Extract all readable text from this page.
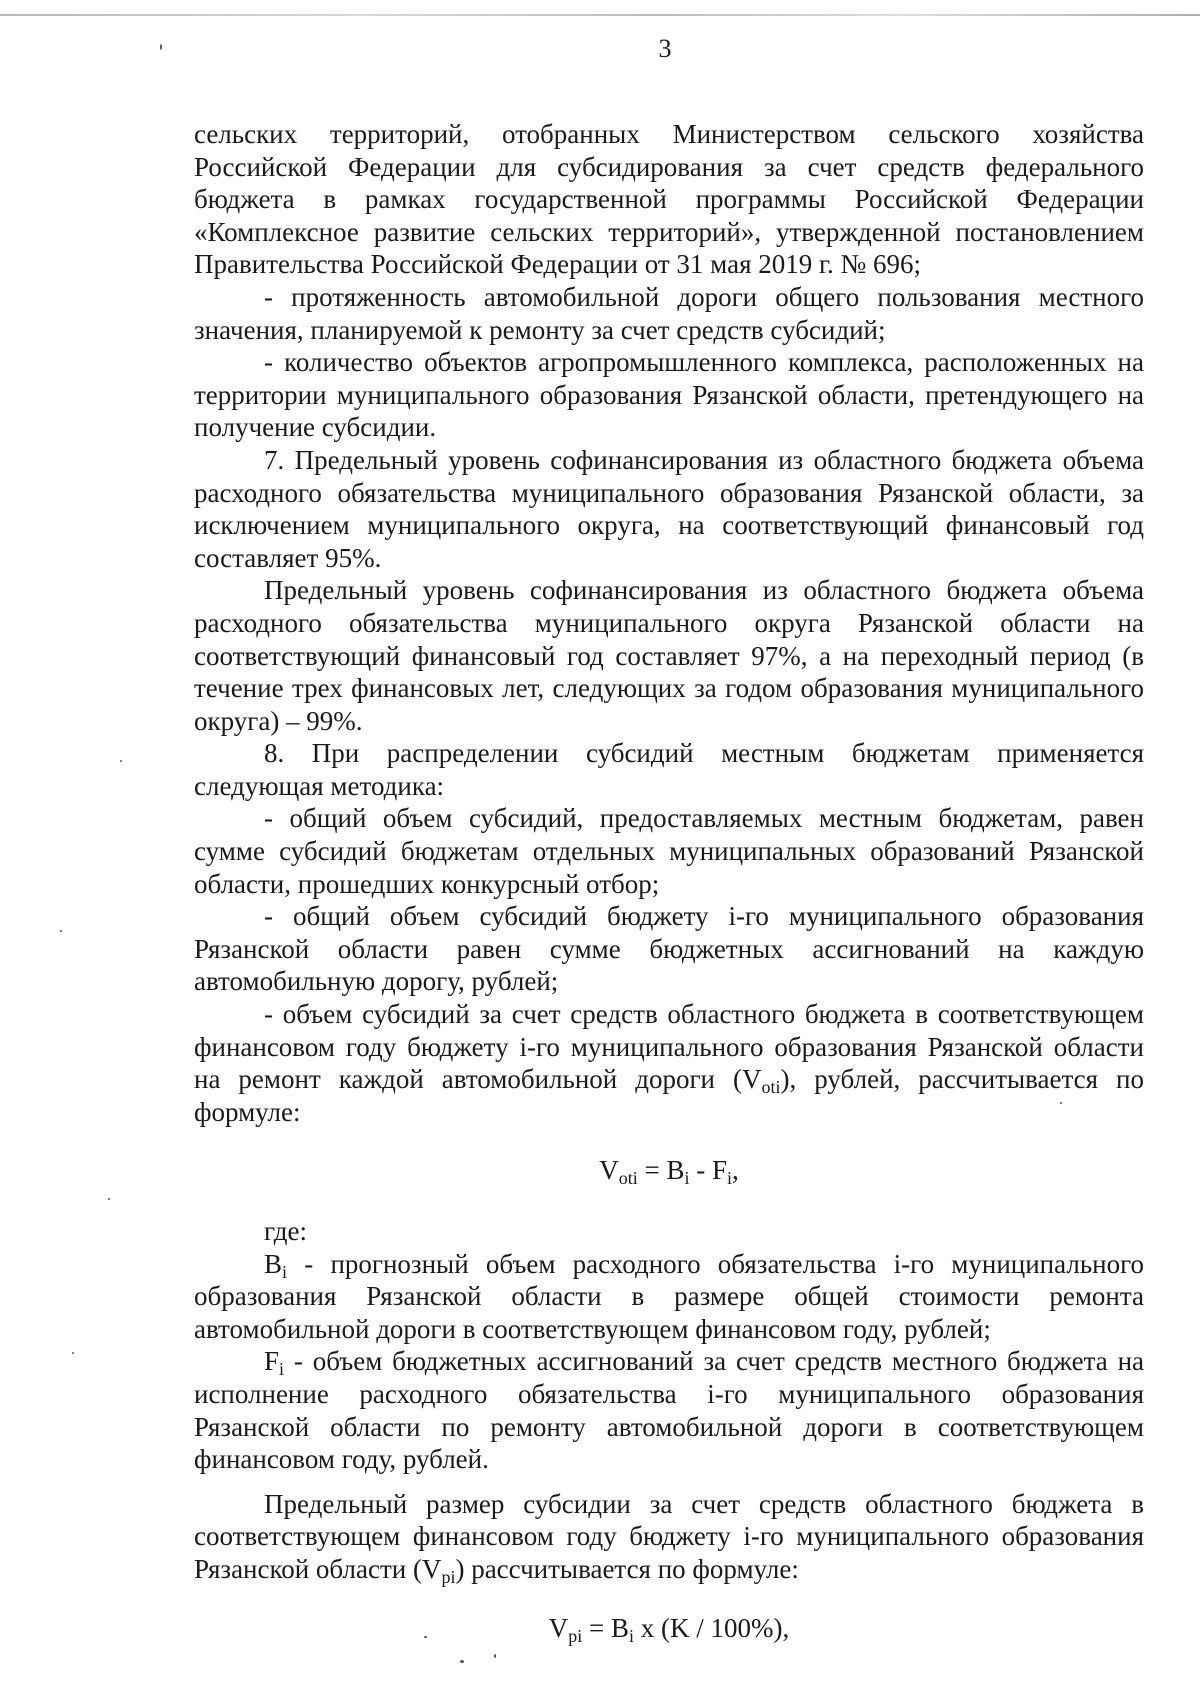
3

сельских территорий, отобранных Министерством сельского хозяйства Российской Федерации для субсидирования за счет средств федерального бюджета в рамках государственной программы Российской Федерации «Комплексное развитие сельских территорий», утвержденной постановлением Правительства Российской Федерации от 31 мая 2019 г. № 696;

- протяженность автомобильной дороги общего пользования местного значения, планируемой к ремонту за счет средств субсидий;

- количество объектов агропромышленного комплекса, расположенных на территории муниципального образования Рязанской области, претендующего на получение субсидии.

7. Предельный уровень софинансирования из областного бюджета объема расходного обязательства муниципального образования Рязанской области, за исключением муниципального округа, на соответствующий финансовый год составляет 95%.

Предельный уровень софинансирования из областного бюджета объема расходного обязательства муниципального округа Рязанской области на соответствующий финансовый год составляет 97%, а на переходный период (в течение трех финансовых лет, следующих за годом образования муниципального округа) – 99%.

8. При распределении субсидий местным бюджетам применяется следующая методика:

- общий объем субсидий, предоставляемых местным бюджетам, равен сумме субсидий бюджетам отдельных муниципальных образований Рязанской области, прошедших конкурсный отбор;

- общий объем субсидий бюджету i-го муниципального образования Рязанской области равен сумме бюджетных ассигнований на каждую автомобильную дорогу, рублей;

- объем субсидий за счет средств областного бюджета в соответствующем финансовом году бюджету i-го муниципального образования Рязанской области на ремонт каждой автомобильной дороги $(V_{oti})$, рублей, рассчитывается по формуле:

$V_{oti} = B_i - F_i$,

где:

$B_i$ - прогнозный объем расходного обязательства i-го муниципального образования Рязанской области в размере общей стоимости ремонта автомобильной дороги в соответствующем финансовом году, рублей;

$F_i$ - объем бюджетных ассигнований за счет средств местного бюджета на исполнение расходного обязательства i-го муниципального образования Рязанской области по ремонту автомобильной дороги в соответствующем финансовом году, рублей.

Предельный размер субсидии за счет средств областного бюджета в соответствующем финансовом году бюджету i-го муниципального образования Рязанской области $(V_{pi})$ рассчитывается по формуле:

$V_{pi} = B_i$ x (K / 100%),
